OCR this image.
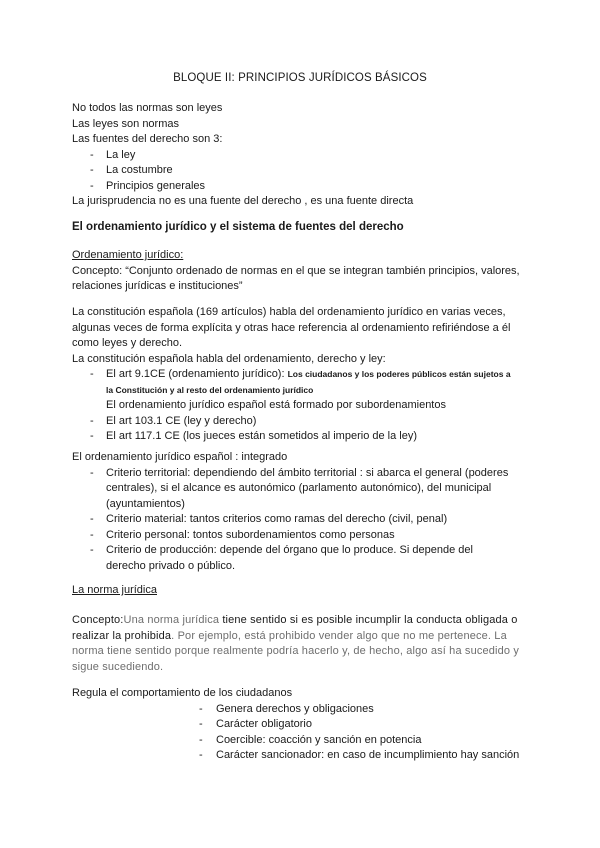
BLOQUE II: PRINCIPIOS JURÍDICOS BÁSICOS

No todos las normas son leyes

Las leyes son normas

Las fuentes del derecho son 3:

- La ley
- La costumbre
- Principios generales

La jurisprudencia no es una fuente del derecho , es una fuente directa

El ordenamiento jurídico y el sistema de fuentes del derecho

Ordenamiento jurídico:

Concepto: “Conjunto ordenado de normas en el que se integran también principios, valores,

relaciones jurídicas e instituciones”

La constitución española (169 artículos) habla del ordenamiento jurídico en varias veces,

algunas veces de forma explícita y otras hace referencia al ordenamiento refiriéndose a él

como leyes y derecho.

La constitución española habla del ordenamiento, derecho y ley:

- El art 9.1CE (ordenamiento jurídico): Los ciudadanos y los poderes públicos están sujetos a
la Constitución y al resto del ordenamiento jurídico
El ordenamiento jurídico español está formado por subordenamientos
- El art 103.1 CE (ley y derecho)
- El art 117.1 CE (los jueces están sometidos al imperio de la ley)

El ordenamiento jurídico español : integrado

- Criterio territorial: dependiendo del ámbito territorial : si abarca el general (poderes centrales), si el alcance es autonómico (parlamento autonómico), del municipal (ayuntamientos)
- Criterio material: tantos criterios como ramas del derecho (civil, penal)
- Criterio personal: tontos subordenamientos como personas
- Criterio de producción: depende del órgano que lo produce. Si depende del derecho privado o público.

La norma jurídica

Concepto:Una norma jurídica tiene sentido si es posible incumplir la conducta obligada o realizar la prohibida. Por ejemplo, está prohibido vender algo que no me pertenece. La norma tiene sentido porque realmente podría hacerlo y, de hecho, algo así ha sucedido y sigue sucediendo.

Regula el comportamiento de los ciudadanos

- Genera derechos y obligaciones
- Carácter obligatorio
- Coercible: coacción y sanción en potencia
- Carácter sancionador: en caso de incumplimiento hay sanción
